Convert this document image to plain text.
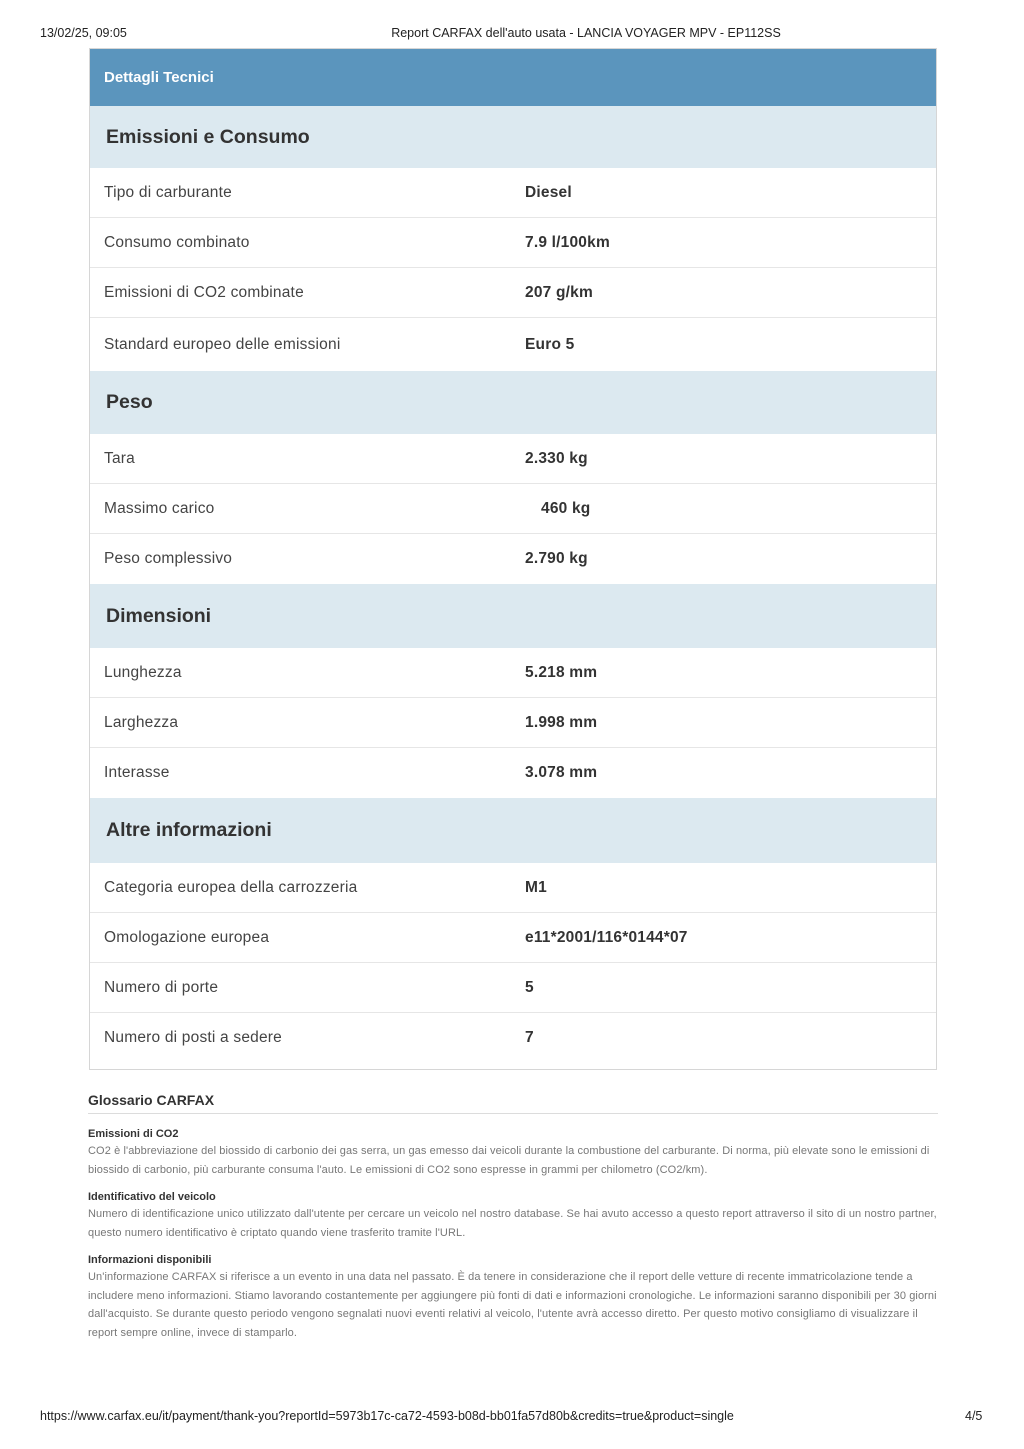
13/02/25, 09:05	Report CARFAX dell'auto usata - LANCIA VOYAGER MPV - EP112SS
Dettagli Tecnici
Emissioni e Consumo
Tipo di carburante	Diesel
Consumo combinato	7.9 l/100km
Emissioni di CO2 combinate	207 g/km
Standard europeo delle emissioni	Euro 5
Peso
Tara	2.330 kg
Massimo carico	460 kg
Peso complessivo	2.790 kg
Dimensioni
Lunghezza	5.218 mm
Larghezza	1.998 mm
Interasse	3.078 mm
Altre informazioni
Categoria europea della carrozzeria	M1
Omologazione europea	e11*2001/116*0144*07
Numero di porte	5
Numero di posti a sedere	7
Glossario CARFAX
Emissioni di CO2
CO2 è l'abbreviazione del biossido di carbonio dei gas serra, un gas emesso dai veicoli durante la combustione del carburante. Di norma, più elevate sono le emissioni di biossido di carbonio, più carburante consuma l'auto. Le emissioni di CO2 sono espresse in grammi per chilometro (CO2/km).
Identificativo del veicolo
Numero di identificazione unico utilizzato dall'utente per cercare un veicolo nel nostro database. Se hai avuto accesso a questo report attraverso il sito di un nostro partner, questo numero identificativo è criptato quando viene trasferito tramite l'URL.
Informazioni disponibili
Un'informazione CARFAX si riferisce a un evento in una data nel passato. È da tenere in considerazione che il report delle vetture di recente immatricolazione tende a includere meno informazioni. Stiamo lavorando costantemente per aggiungere più fonti di dati e informazioni cronologiche. Le informazioni saranno disponibili per 30 giorni dall'acquisto. Se durante questo periodo vengono segnalati nuovi eventi relativi al veicolo, l'utente avrà accesso diretto. Per questo motivo consigliamo di visualizzare il report sempre online, invece di stamparlo.
https://www.carfax.eu/it/payment/thank-you?reportId=5973b17c-ca72-4593-b08d-bb01fa57d80b&credits=true&product=single	4/5
